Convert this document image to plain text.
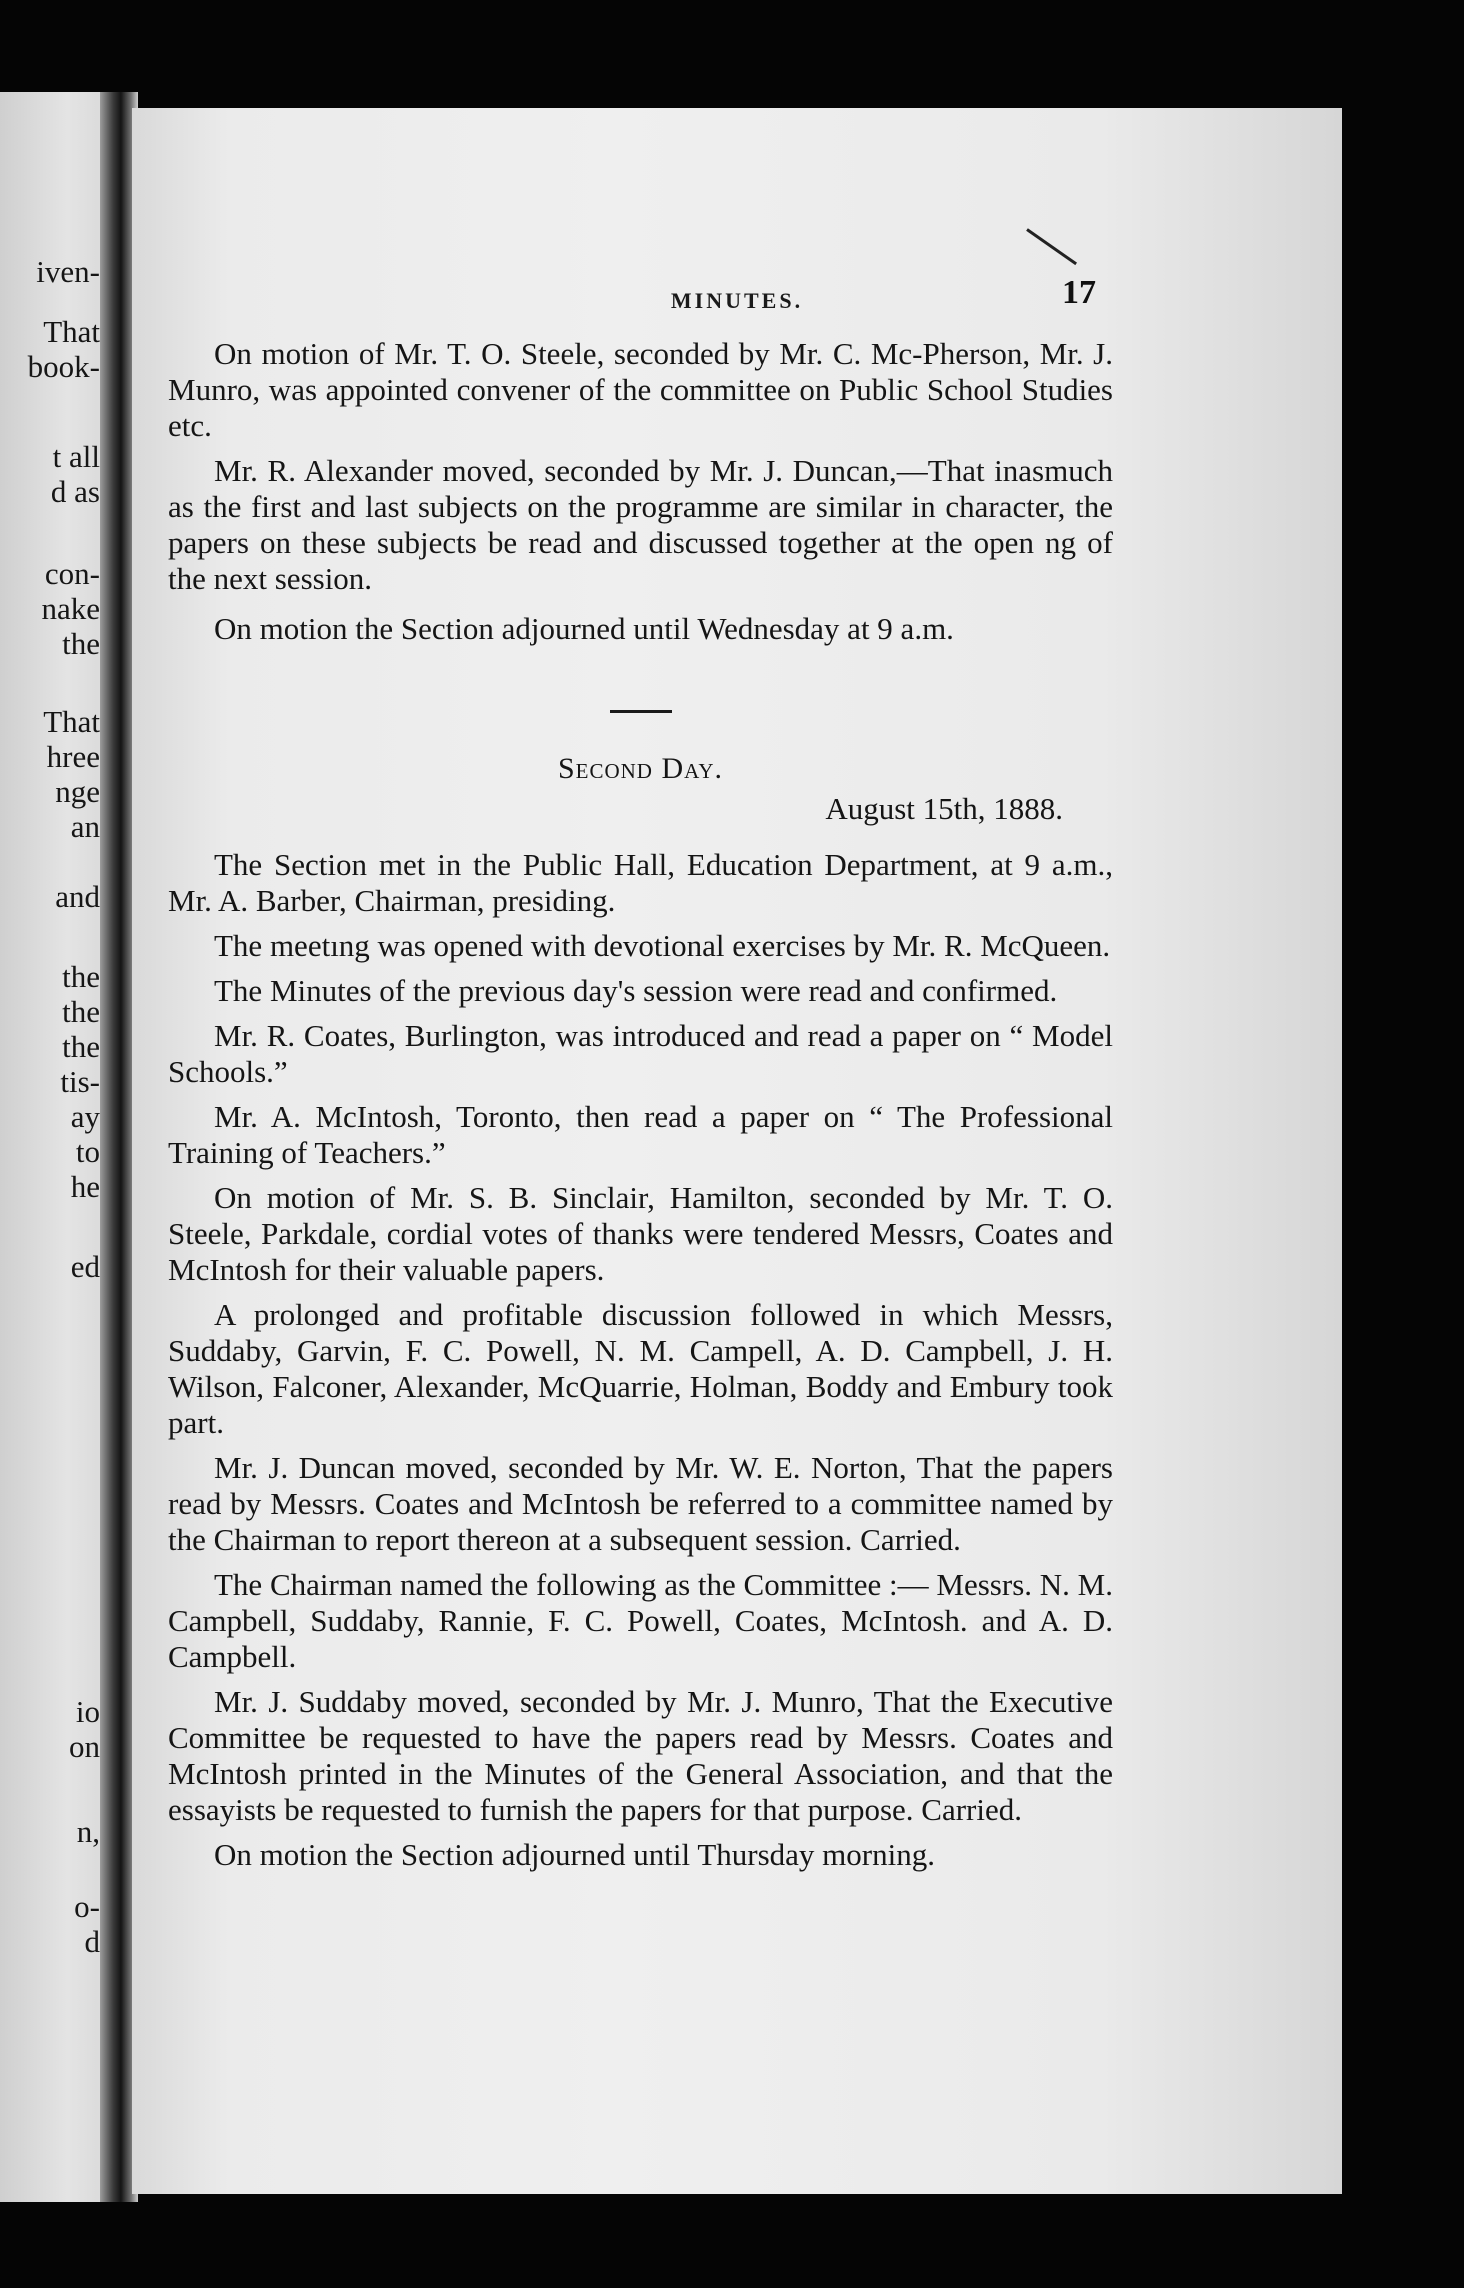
iven-
That
book-
t all
d as
con-
nake
the
That
hree
nge
an
and
the
the
the
tis-
ay
to
he
ed
io
on
n,
o-
d
MINUTES.	17

On motion of Mr. T. O. Steele, seconded by Mr. C. Mc-Pherson, Mr. J. Munro, was appointed convener of the committee on Public School Studies etc.

Mr. R. Alexander moved, seconded by Mr. J. Duncan,—That inasmuch as the first and last subjects on the programme are similar in character, the papers on these subjects be read and discussed together at the open ng of the next session.

On motion the Section adjourned until Wednesday at 9 a.m.

Second Day.
August 15th, 1888.

The Section met in the Public Hall, Education Department, at 9 a.m., Mr. A. Barber, Chairman, presiding.

The meetıng was opened with devotional exercises by Mr. R. McQueen.

The Minutes of the previous day's session were read and confirmed.

Mr. R. Coates, Burlington, was introduced and read a paper on “ Model Schools.”

Mr. A. McIntosh, Toronto, then read a paper on “ The Professional Training of Teachers.”

On motion of Mr. S. B. Sinclair, Hamilton, seconded by Mr. T. O. Steele, Parkdale, cordial votes of thanks were tendered Messrs, Coates and McIntosh for their valuable papers.

A prolonged and profitable discussion followed in which Messrs, Suddaby, Garvin, F. C. Powell, N. M. Campell, A. D. Campbell, J. H. Wilson, Falconer, Alexander, McQuarrie, Holman, Boddy and Embury took part.

Mr. J. Duncan moved, seconded by Mr. W. E. Norton, That the papers read by Messrs. Coates and McIntosh be referred to a committee named by the Chairman to report thereon at a subsequent session. Carried.

The Chairman named the following as the Committee :— Messrs. N. M. Campbell, Suddaby, Rannie, F. C. Powell, Coates, McIntosh. and A. D. Campbell.

Mr. J. Suddaby moved, seconded by Mr. J. Munro, That the Executive Committee be requested to have the papers read by Messrs. Coates and McIntosh printed in the Minutes of the General Association, and that the essayists be requested to furnish the papers for that purpose. Carried.

On motion the Section adjourned until Thursday morning.
